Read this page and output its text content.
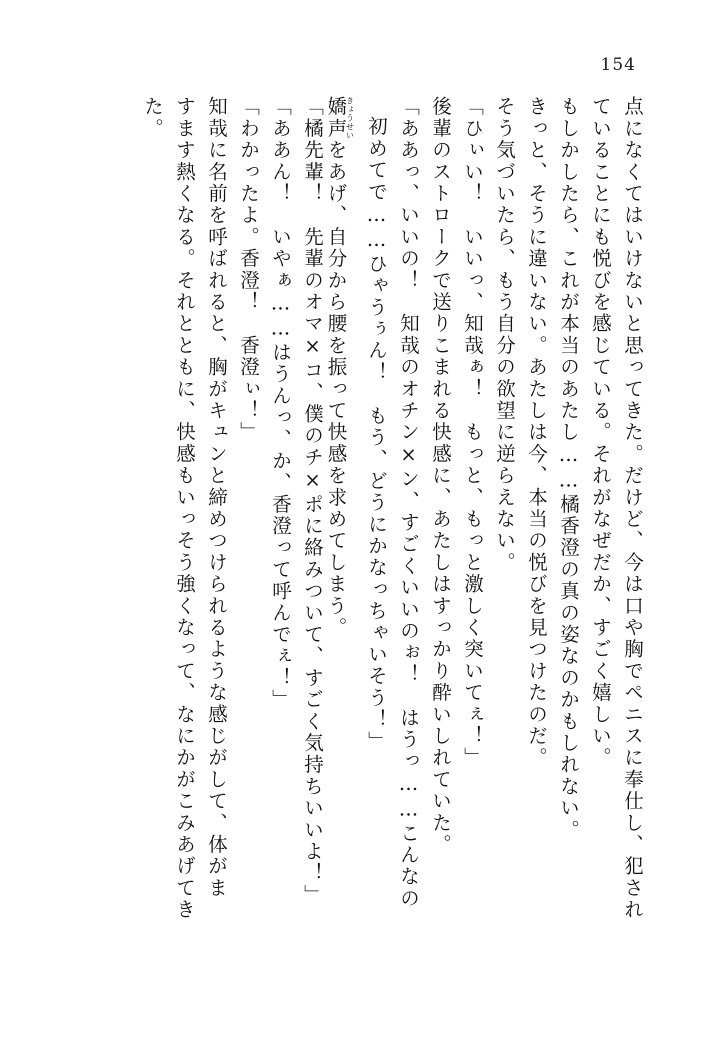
154
点になくてはいけないと思ってきた。だけど、今は口や胸でペニスに奉仕し、犯され
ていることにも悦びを感じている。それがなぜだか、すごく嬉しい。
もしかしたら、これが本当のあたし……橘香澄の真の姿なのかもしれない。
きっと、そうに違いない。あたしは今、本当の悦びを見つけたのだ。
そう気づいたら、もう自分の欲望に逆らえない。
「ひぃい！　いいっ、知哉ぁ！　もっと、もっと激しく突いてぇ！」
後輩のストロークで送りこまれる快感に、あたしはすっかり酔いしれていた。
「ああっ、いいの！　知哉のオチン×ン、すごくいいのぉ！　はうっ……こんなの
初めてで……ひゃうぅん！　もう、どうにかなっちゃいそう！」
嬌声きょうせいをあげ、自分から腰を振って快感を求めてしまう。
「橘先輩！　先輩のオマ×コ、僕のチ×ポに絡みついて、すごく気持ちいいよ！」
「ああん！　いやぁ……はうんっ、か、香澄って呼んでぇ！」
「わかったよ。香澄！　香澄ぃ！」
知哉に名前を呼ばれると、胸がキュンと締めつけられるような感じがして、体がま
すます熱くなる。それとともに、快感もいっそう強くなって、なにかがこみあげてき
た。
